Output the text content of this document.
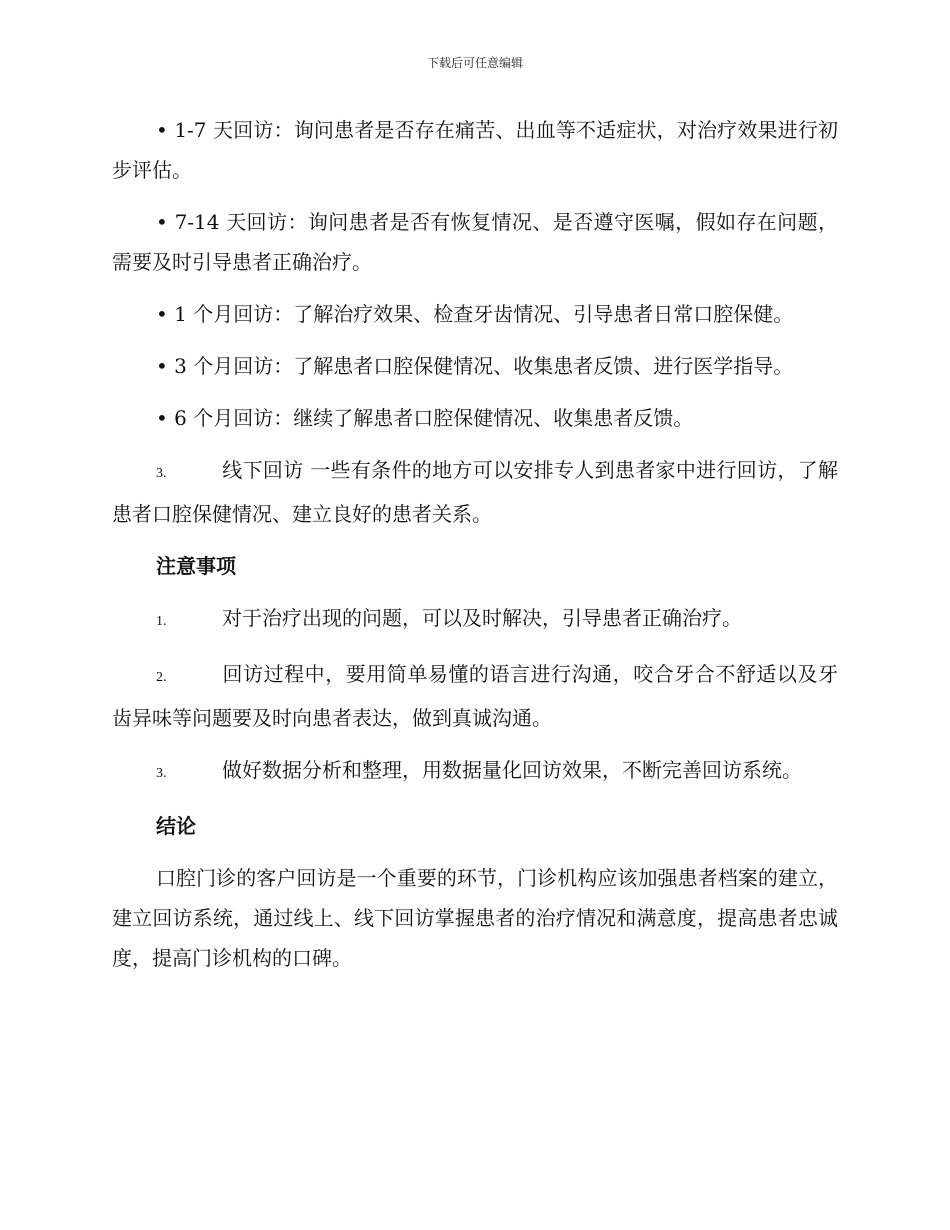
下载后可任意编辑

• 1-7 天回访：询问患者是否存在痛苦、出血等不适症状，对治疗效果进行初步评估。

• 7-14 天回访：询问患者是否有恢复情况、是否遵守医嘱，假如存在问题，需要及时引导患者正确治疗。

• 1 个月回访：了解治疗效果、检查牙齿情况、引导患者日常口腔保健。

• 3 个月回访：了解患者口腔保健情况、收集患者反馈、进行医学指导。

• 6 个月回访：继续了解患者口腔保健情况、收集患者反馈。

3.	线下回访 一些有条件的地方可以安排专人到患者家中进行回访，了解患者口腔保健情况、建立良好的患者关系。

注意事项

1.	对于治疗出现的问题，可以及时解决，引导患者正确治疗。

2.	回访过程中，要用简单易懂的语言进行沟通，咬合牙合不舒适以及牙齿异味等问题要及时向患者表达，做到真诚沟通。

3.	做好数据分析和整理，用数据量化回访效果，不断完善回访系统。

结论

口腔门诊的客户回访是一个重要的环节，门诊机构应该加强患者档案的建立，建立回访系统，通过线上、线下回访掌握患者的治疗情况和满意度，提高患者忠诚度，提高门诊机构的口碑。
